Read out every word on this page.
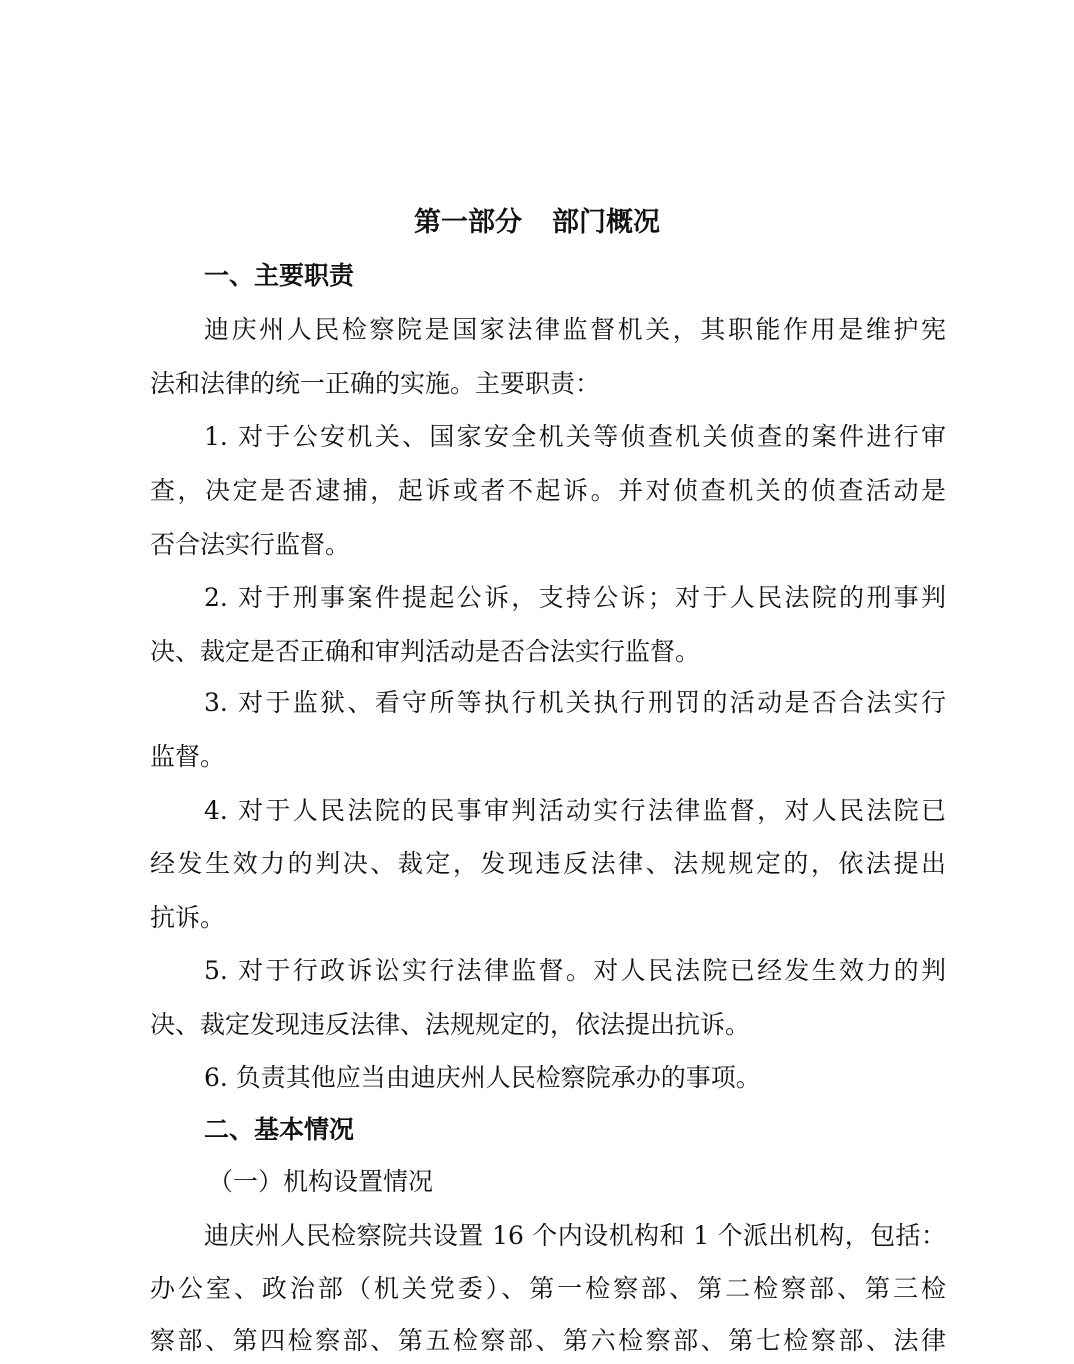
第一部分 部门概况
一、主要职责
迪庆州人民检察院是国家法律监督机关，其职能作用是维护宪
法和法律的统一正确的实施。主要职责：
1. 对于公安机关、国家安全机关等侦查机关侦查的案件进行审
查，决定是否逮捕，起诉或者不起诉。并对侦查机关的侦查活动是
否合法实行监督。
2. 对于刑事案件提起公诉，支持公诉；对于人民法院的刑事判
决、裁定是否正确和审判活动是否合法实行监督。
3. 对于监狱、看守所等执行机关执行刑罚的活动是否合法实行
监督。
4. 对于人民法院的民事审判活动实行法律监督，对人民法院已
经发生效力的判决、裁定，发现违反法律、法规规定的，依法提出
抗诉。
5. 对于行政诉讼实行法律监督。对人民法院已经发生效力的判
决、裁定发现违反法律、法规规定的，依法提出抗诉。
6. 负责其他应当由迪庆州人民检察院承办的事项。
二、基本情况
（一）机构设置情况
迪庆州人民检察院共设置 16 个内设机构和 1 个派出机构，包括：
办公室、政治部（机关党委）、第一检察部、第二检察部、第三检
察部、第四检察部、第五检察部、第六检察部、第七检察部、法律
